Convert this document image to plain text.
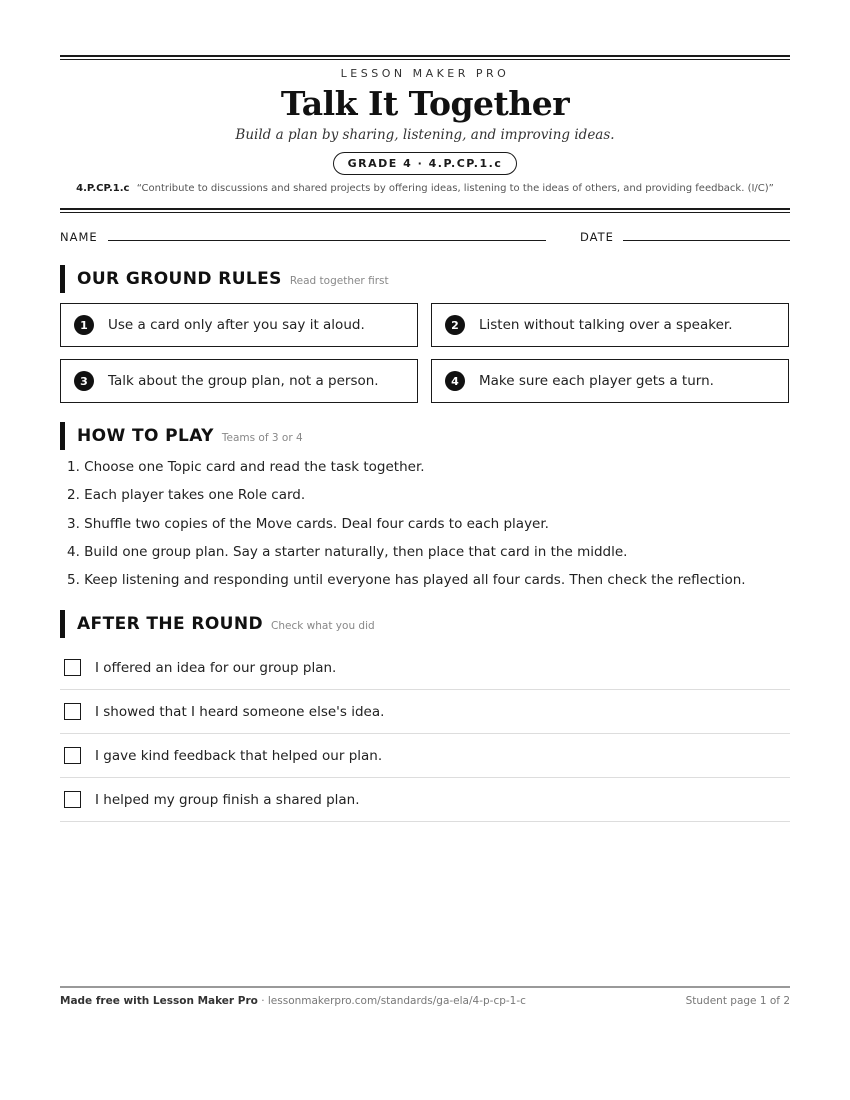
LESSON MAKER PRO
Talk It Together
Build a plan by sharing, listening, and improving ideas.
GRADE 4 · 4.P.CP.1.c
4.P.CP.1.c “Contribute to discussions and shared projects by offering ideas, listening to the ideas of others, and providing feedback. (I/C)”
NAME	DATE
OUR GROUND RULES Read together first
1	Use a card only after you say it aloud.	2	Listen without talking over a speaker.
3	Talk about the group plan, not a person.	4	Make sure each player gets a turn.
HOW TO PLAY Teams of 3 or 4
1. Choose one Topic card and read the task together.
2. Each player takes one Role card.
3. Shuffle two copies of the Move cards. Deal four cards to each player.
4. Build one group plan. Say a starter naturally, then place that card in the middle.
5. Keep listening and responding until everyone has played all four cards. Then check the reflection.
AFTER THE ROUND Check what you did
I offered an idea for our group plan.
I showed that I heard someone else's idea.
I gave kind feedback that helped our plan.
I helped my group finish a shared plan.
Made free with Lesson Maker Pro · lessonmakerpro.com/standards/ga-ela/4-p-cp-1-c	Student page 1 of 2
